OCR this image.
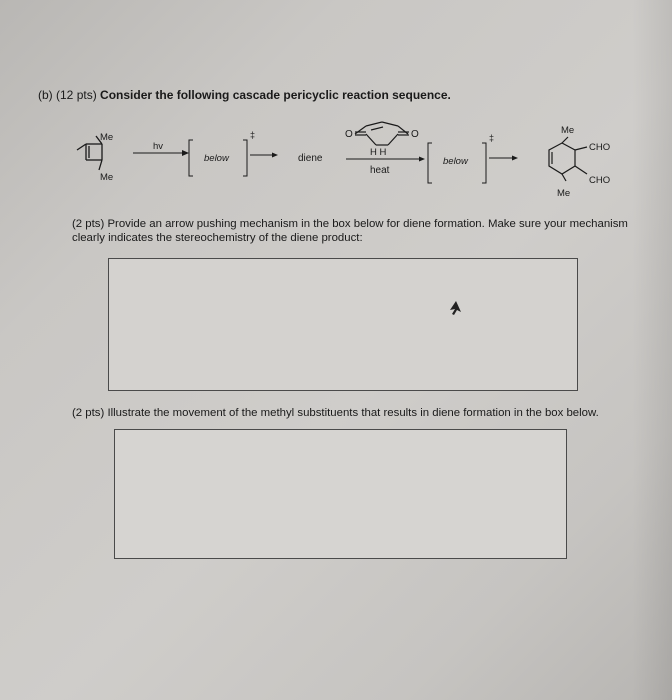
(b) (12 pts) Consider the following cascade pericyclic reaction sequence.
Me
Me
hv
below
‡
diene
O	O
H H
heat
below
‡
Me
Me
CHO
CHO
(2 pts) Provide an arrow pushing mechanism in the box below for diene formation. Make sure your mechanism clearly indicates the stereochemistry of the diene product:
(2 pts) Illustrate the movement of the methyl substituents that results in diene formation in the box below.
